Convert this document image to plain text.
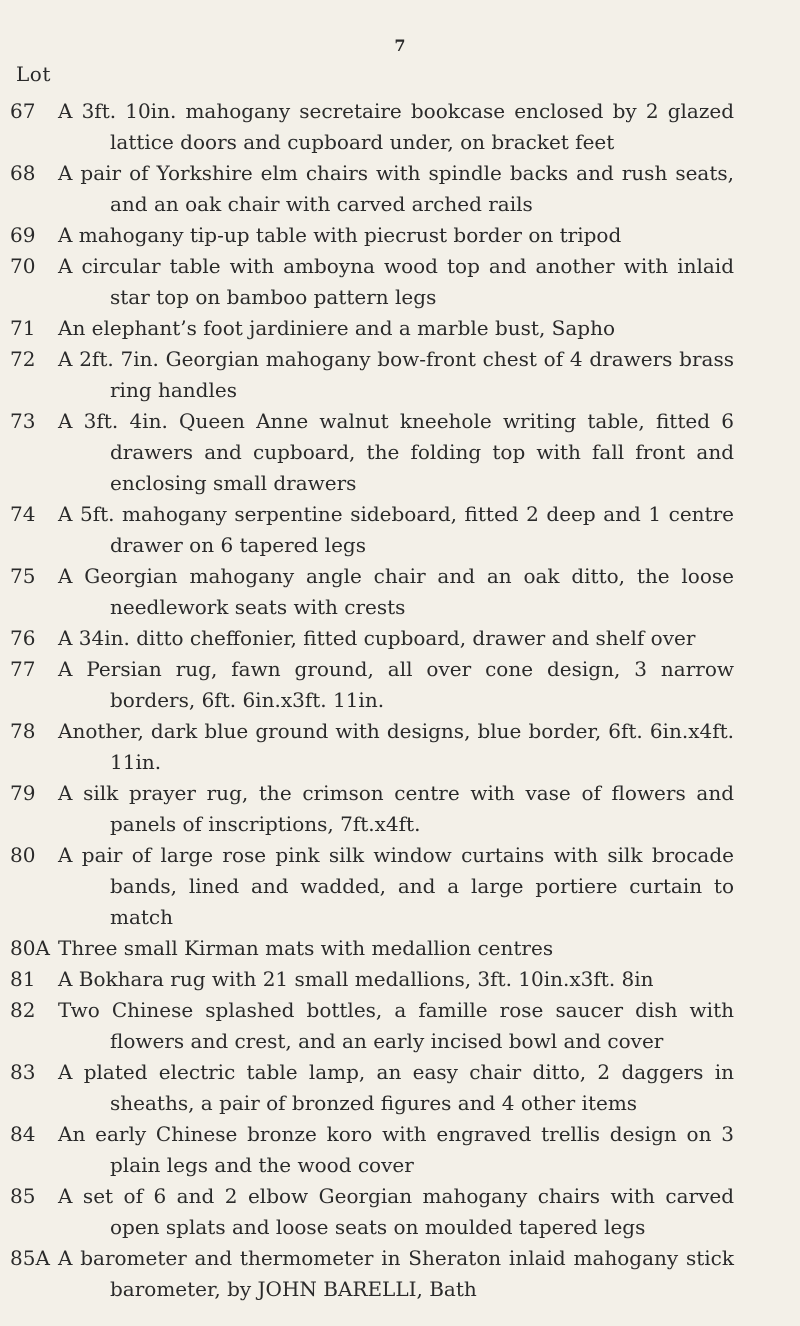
7
Lot
67	A 3ft. 10in. mahogany secretaire bookcase enclosed by 2 glazed lattice doors and cupboard under, on bracket feet
68	A pair of Yorkshire elm chairs with spindle backs and rush seats, and an oak chair with carved arched rails
69	A mahogany tip-up table with piecrust border on tripod
70	A circular table with amboyna wood top and another with inlaid star top on bamboo pattern legs
71	An elephant’s foot jardiniere and a marble bust, Sapho
72	A 2ft. 7in. Georgian mahogany bow-front chest of 4 drawers brass ring handles
73	A 3ft. 4in. Queen Anne walnut kneehole writing table, fitted 6 drawers and cupboard, the folding top with fall front and enclosing small drawers
74	A 5ft. mahogany serpentine sideboard, fitted 2 deep and 1 centre drawer on 6 tapered legs
75	A Georgian mahogany angle chair and an oak ditto, the loose needlework seats with crests
76	A 34in. ditto cheffonier, fitted cupboard, drawer and shelf over
77	A Persian rug, fawn ground, all over cone design, 3 narrow borders, 6ft. 6in.x3ft. 11in.
78	Another, dark blue ground with designs, blue border, 6ft. 6in.x4ft. 11in.
79	A silk prayer rug, the crimson centre with vase of flowers and panels of inscriptions, 7ft.x4ft.
80	A pair of large rose pink silk window curtains with silk brocade bands, lined and wadded, and a large portiere curtain to match
80A Three small Kirman mats with medallion centres
81	A Bokhara rug with 21 small medallions, 3ft. 10in.x3ft. 8in
82	Two Chinese splashed bottles, a famille rose saucer dish with flowers and crest, and an early incised bowl and cover
83	A plated electric table lamp, an easy chair ditto, 2 daggers in sheaths, a pair of bronzed figures and 4 other items
84	An early Chinese bronze koro with engraved trellis design on 3 plain legs and the wood cover
85	A set of 6 and 2 elbow Georgian mahogany chairs with carved open splats and loose seats on moulded tapered legs
85A A barometer and thermometer in Sheraton inlaid mahogany stick barometer, by JOHN BARELLI, Bath
